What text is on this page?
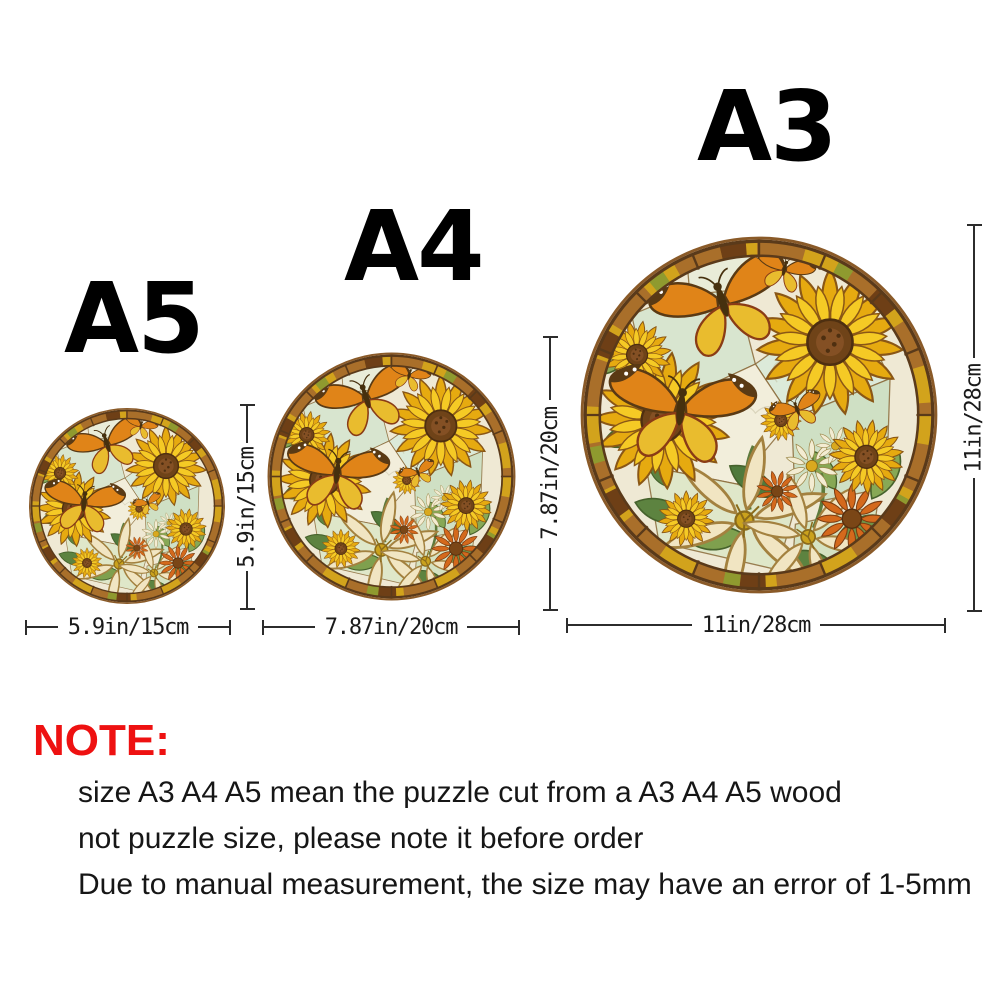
A5
A4
A3
5.9in/15cm	7.87in/20cm	11in/28cm
5.9in/15cm	7.87in/20cm	11in/28cm
NOTE:
size A3 A4 A5 mean the puzzle cut from a A3 A4 A5 wood
not puzzle size, please note it before order
Due to manual measurement, the size may have an error of 1-5mm
